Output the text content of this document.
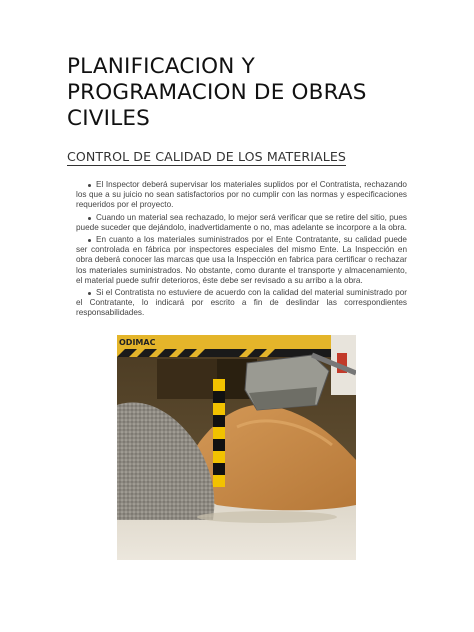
PLANIFICACION Y PROGRAMACION DE OBRAS CIVILES
CONTROL DE CALIDAD DE LOS MATERIALES
El Inspector deberá supervisar los materiales suplidos por el Contratista, rechazando los que a su juicio no sean satisfactorios por no cumplir con las normas y especificaciones requeridos por el proyecto.
Cuando un material sea rechazado, lo mejor será verificar que se retire del sitio, pues puede suceder que dejándolo, inadvertidamente o no, mas adelante se incorpore a la obra.
En cuanto a los materiales suministrados por el Ente Contratante, su calidad puede ser controlada en fábrica por inspectores especiales del mismo Ente. La Inspección en obra deberá conocer las marcas que usa la Inspección en fabrica para certificar o rechazar los materiales suministrados. No obstante, como durante el transporte y almacenamiento, el material puede sufrir deterioros, éste debe ser revisado a su arribo a la obra.
Si el Contratista no estuviere de acuerdo con la calidad del material suministrado por el Contratante, lo indicará por escrito a fin de deslindar las correspondientes responsabilidades.
ODIMAC
